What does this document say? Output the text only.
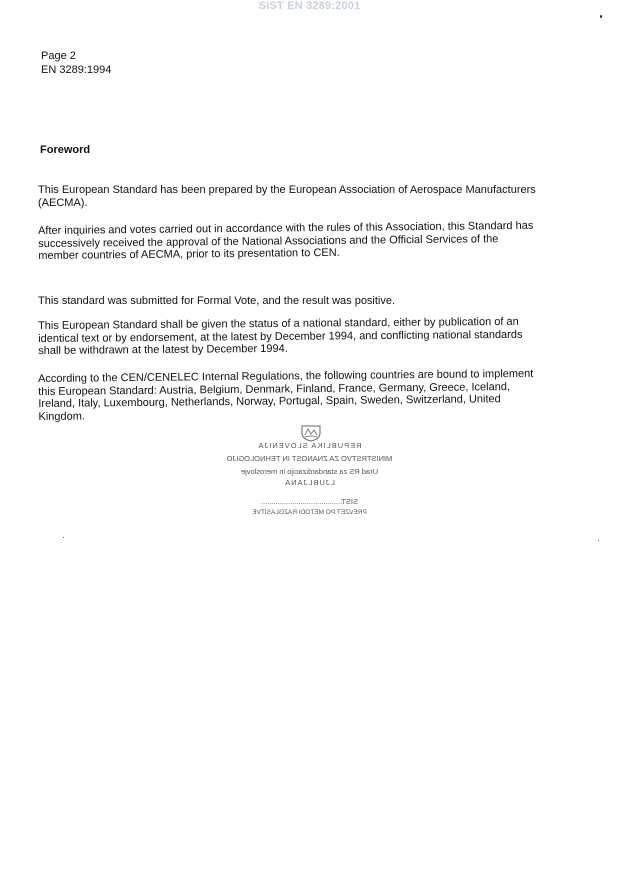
SIST EN 3289:2001
Page 2
EN 3289:1994
Foreword

This European Standard has been prepared by the European Association of Aerospace Manufacturers (AECMA).

After inquiries and votes carried out in accordance with the rules of this Association, this Standard has successively received the approval of the National Associations and the Official Services of the member countries of AECMA, prior to its presentation to CEN.

This standard was submitted for Formal Vote, and the result was positive.

This European Standard shall be given the status of a national standard, either by publication of an identical text or by endorsement, at the latest by December 1994, and conflicting national standards shall be withdrawn at the latest by December 1994.

According to the CEN/CENELEC Internal Regulations, the following countries are bound to implement this European Standard: Austria, Belgium, Denmark, Finland, France, Germany, Greece, Iceland, Ireland, Italy, Luxembourg, Netherlands, Norway, Portugal, Spain, Sweden, Switzerland, United Kingdom.

REPUBLIKA SLOVENIJA
MINISTRSTVO ZA ZNANOST IN TEHNOLOGIJO
Urad RS za standardizacijo in meroslovje
LJUBLJANA
SIST.......................................
PREVZET PO METODI RAZGLASITVE
